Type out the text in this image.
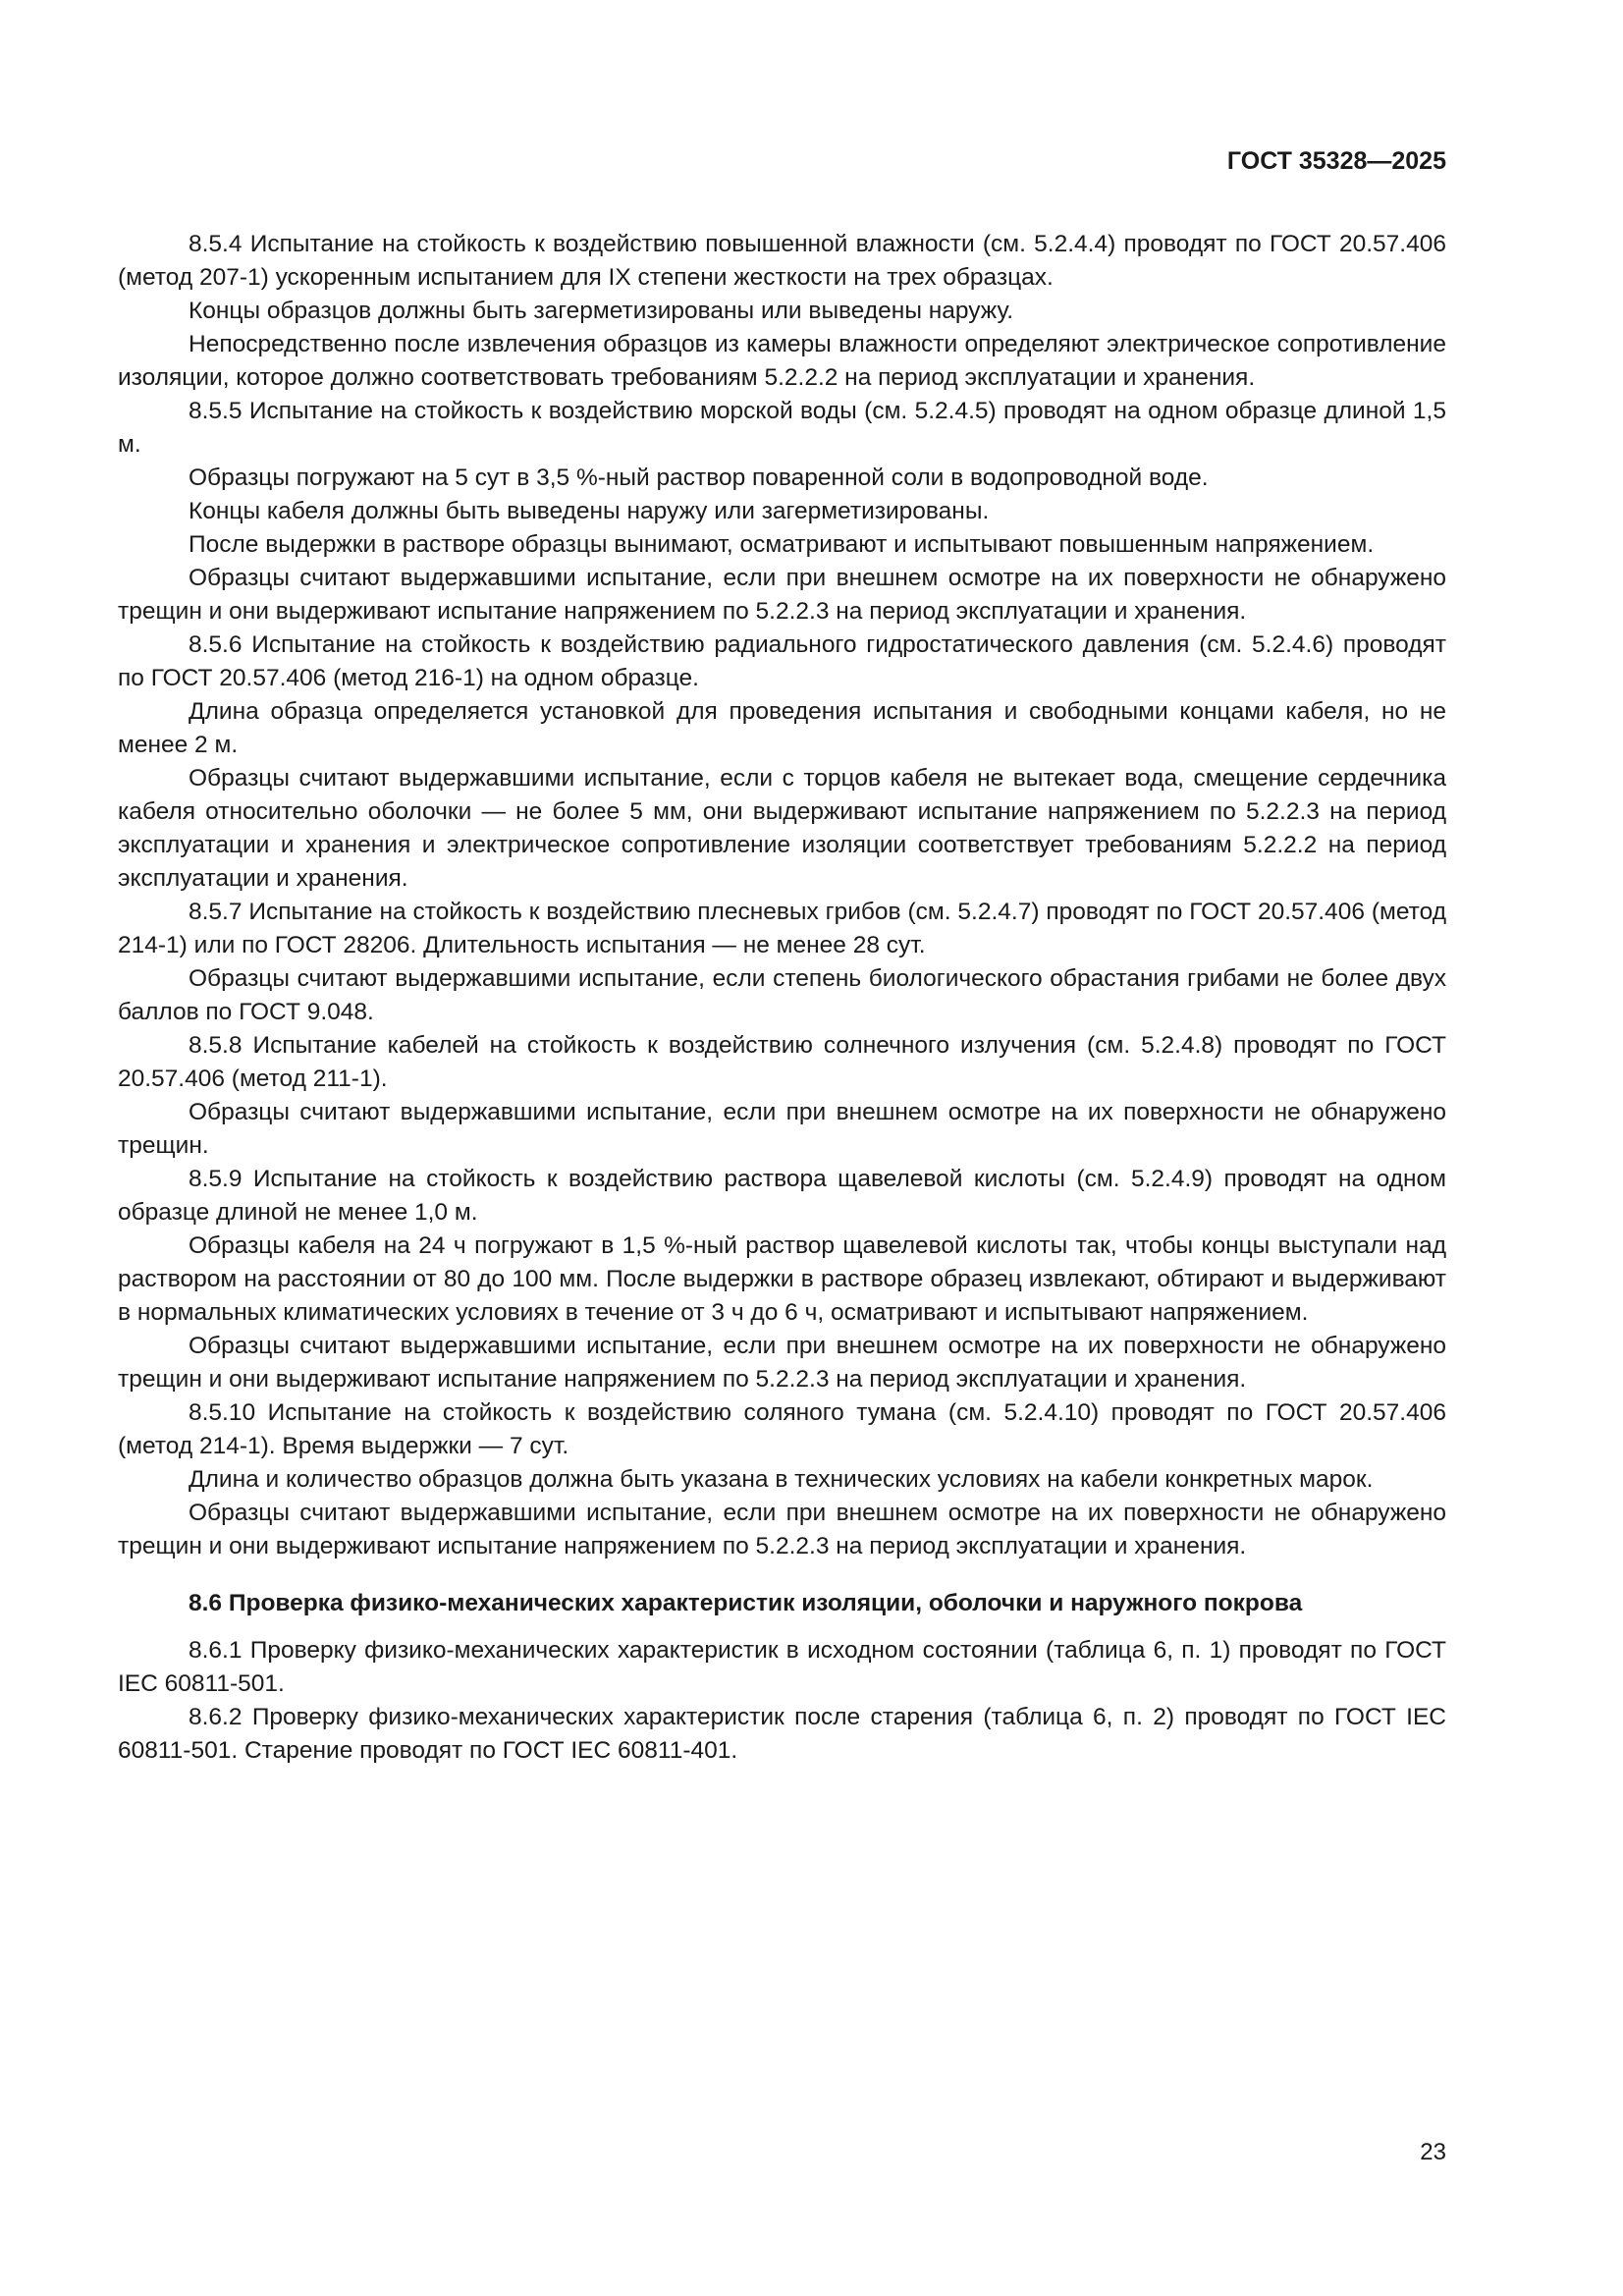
ГОСТ 35328—2025

8.5.4 Испытание на стойкость к воздействию повышенной влажности (см. 5.2.4.4) проводят по ГОСТ 20.57.406 (метод 207-1) ускоренным испытанием для IX степени жесткости на трех образцах.

Концы образцов должны быть загерметизированы или выведены наружу.

Непосредственно после извлечения образцов из камеры влажности определяют электрическое сопротивление изоляции, которое должно соответствовать требованиям 5.2.2.2 на период эксплуатации и хранения.

8.5.5 Испытание на стойкость к воздействию морской воды (см. 5.2.4.5) проводят на одном образце длиной 1,5 м.

Образцы погружают на 5 сут в 3,5 %-ный раствор поваренной соли в водопроводной воде.

Концы кабеля должны быть выведены наружу или загерметизированы.

После выдержки в растворе образцы вынимают, осматривают и испытывают повышенным напряжением.

Образцы считают выдержавшими испытание, если при внешнем осмотре на их поверхности не обнаружено трещин и они выдерживают испытание напряжением по 5.2.2.3 на период эксплуатации и хранения.

8.5.6 Испытание на стойкость к воздействию радиального гидростатического давления (см. 5.2.4.6) проводят по ГОСТ 20.57.406 (метод 216-1) на одном образце.

Длина образца определяется установкой для проведения испытания и свободными концами кабеля, но не менее 2 м.

Образцы считают выдержавшими испытание, если с торцов кабеля не вытекает вода, смещение сердечника кабеля относительно оболочки — не более 5 мм, они выдерживают испытание напряжением по 5.2.2.3 на период эксплуатации и хранения и электрическое сопротивление изоляции соответствует требованиям 5.2.2.2 на период эксплуатации и хранения.

8.5.7 Испытание на стойкость к воздействию плесневых грибов (см. 5.2.4.7) проводят по ГОСТ 20.57.406 (метод 214-1) или по ГОСТ 28206. Длительность испытания — не менее 28 сут.

Образцы считают выдержавшими испытание, если степень биологического обрастания грибами не более двух баллов по ГОСТ 9.048.

8.5.8 Испытание кабелей на стойкость к воздействию солнечного излучения (см. 5.2.4.8) проводят по ГОСТ 20.57.406 (метод 211-1).

Образцы считают выдержавшими испытание, если при внешнем осмотре на их поверхности не обнаружено трещин.

8.5.9 Испытание на стойкость к воздействию раствора щавелевой кислоты (см. 5.2.4.9) проводят на одном образце длиной не менее 1,0 м.

Образцы кабеля на 24 ч погружают в 1,5 %-ный раствор щавелевой кислоты так, чтобы концы выступали над раствором на расстоянии от 80 до 100 мм. После выдержки в растворе образец извлекают, обтирают и выдерживают в нормальных климатических условиях в течение от 3 ч до 6 ч, осматривают и испытывают напряжением.

Образцы считают выдержавшими испытание, если при внешнем осмотре на их поверхности не обнаружено трещин и они выдерживают испытание напряжением по 5.2.2.3 на период эксплуатации и хранения.

8.5.10 Испытание на стойкость к воздействию соляного тумана (см. 5.2.4.10) проводят по ГОСТ 20.57.406 (метод 214-1). Время выдержки — 7 сут.

Длина и количество образцов должна быть указана в технических условиях на кабели конкретных марок.

Образцы считают выдержавшими испытание, если при внешнем осмотре на их поверхности не обнаружено трещин и они выдерживают испытание напряжением по 5.2.2.3 на период эксплуатации и хранения.

8.6 Проверка физико-механических характеристик изоляции, оболочки и наружного покрова

8.6.1 Проверку физико-механических характеристик в исходном состоянии (таблица 6, п. 1) проводят по ГОСТ IEC 60811-501.

8.6.2 Проверку физико-механических характеристик после старения (таблица 6, п. 2) проводят по ГОСТ IEC 60811-501. Старение проводят по ГОСТ IEC 60811-401.

23
